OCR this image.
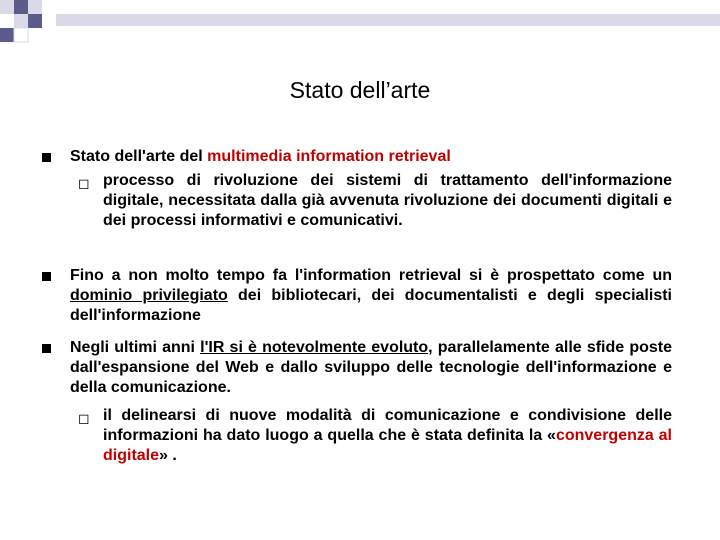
Stato dell’arte
Stato dell'arte del multimedia information retrieval
◻ processo di rivoluzione dei sistemi di trattamento dell'informazione digitale, necessitata dalla già avvenuta rivoluzione dei documenti digitali e dei processi informativi e comunicativi.
Fino a non molto tempo fa l'information retrieval si è prospettato come un dominio privilegiato dei bibliotecari, dei documentalisti e degli specialisti dell'informazione
Negli ultimi anni l'IR si è notevolmente evoluto, parallelamente alle sfide poste dall'espansione del Web e dallo sviluppo delle tecnologie dell'informazione e della comunicazione.
◻ il delinearsi di nuove modalità di comunicazione e condivisione delle informazioni ha dato luogo a quella che è stata definita la «convergenza al digitale» .
